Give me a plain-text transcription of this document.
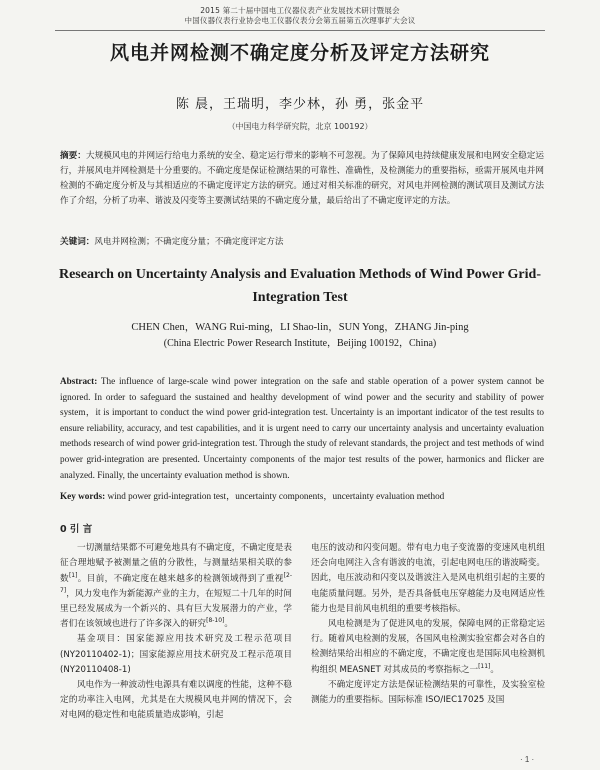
2015 第二十届中国电工仪器仪表产业发展技术研讨暨展会
中国仪器仪表行业协会电工仪器仪表分会第五届第五次理事扩大会议
风电并网检测不确定度分析及评定方法研究
陈 晨，王瑞明，李少林，孙 勇，张金平
（中国电力科学研究院，北京 100192）
摘要：大规模风电的并网运行给电力系统的安全、稳定运行带来的影响不可忽视。为了保障风电持续健康发展和电网安全稳定运行，并展风电并网检测是十分重要的。不确定度是保证检测结果的可靠性、准确性，及检测能力的重要指标，亟需开展风电并网检测的不确定度分析及与其相适应的不确定度评定方法的研究。通过对相关标准的研究，对风电并网检测的测试项目及测试方法作了介绍，分析了功率、谐波及闪变等主要测试结果的不确定度分量，最后给出了不确定度评定的方法。
关键词：风电并网检测；不确定度分量；不确定度评定方法
Research on Uncertainty Analysis and Evaluation Methods of Wind Power Grid-Integration Test
CHEN Chen，WANG Rui-ming，LI Shao-lin，SUN Yong，ZHANG Jin-ping
(China Electric Power Research Institute，Beijing 100192，China)
Abstract: The influence of large-scale wind power integration on the safe and stable operation of a power system cannot be ignored. In order to safeguard the sustained and healthy development of wind power and the security and stability of power system，it is important to conduct the wind power grid-integration test. Uncertainty is an important indicator of the test results to ensure reliability, accuracy, and test capabilities, and it is urgent need to carry our uncertainty analysis and uncertainty evaluation methods research of wind power grid-integration test. Through the study of relevant standards, the project and test methods of wind power grid-integration are presented. Uncertainty components of the major test results of the power, harmonics and flicker are analyzed. Finally, the uncertainty evaluation method is shown.
Key words: wind power grid-integration test，uncertainty components，uncertainty evaluation method
0 引 言

一切测量结果都不可避免地具有不确定度，不确定度是表征合理地赋予被测量之值的分散性，与测量结果相关联的参数[1]。目前，不确定度在越来越多的检测领域得到了重视[2-7]，风力发电作为新能源产业的主力，在短短二十几年的时间里已经发展成为一个新兴的、具有巨大发展潜力的产业，学者们在该领域也进行了许多深入的研究[8-10]。

基金项目：国家能源应用技术研究及工程示范项目(NY20110402-1)；国家能源应用技术研究及工程示范项目(NY20110408-1)

风电作为一种波动性电源具有难以调度的性能，这种不稳定的功率注入电网，尤其是在大规模风电并网的情况下，会对电网的稳定性和电能质量造成影响，引起

电压的波动和闪变问题。带有电力电子变流器的变速风电机组还会向电网注入含有谐波的电流，引起电网电压的谐波畸变。因此，电压波动和闪变以及谐波注入是风电机组引起的主要的电能质量问题。另外，是否具备低电压穿越能力及电网适应性能力也是目前风电机组的重要考核指标。

风电检测是为了促进风电的发展，保障电网的正常稳定运行。随着风电检测的发展，各国风电检测实验室都会对各自的检测结果给出相应的不确定度，不确定度也是国际风电检测机构组织 MEASNET 对其成员的考察指标之一[11]。

不确定度评定方法是保证检测结果的可靠性，及实验室检测能力的重要指标。国际标准 ISO/IEC17025 及国

· 1 ·
